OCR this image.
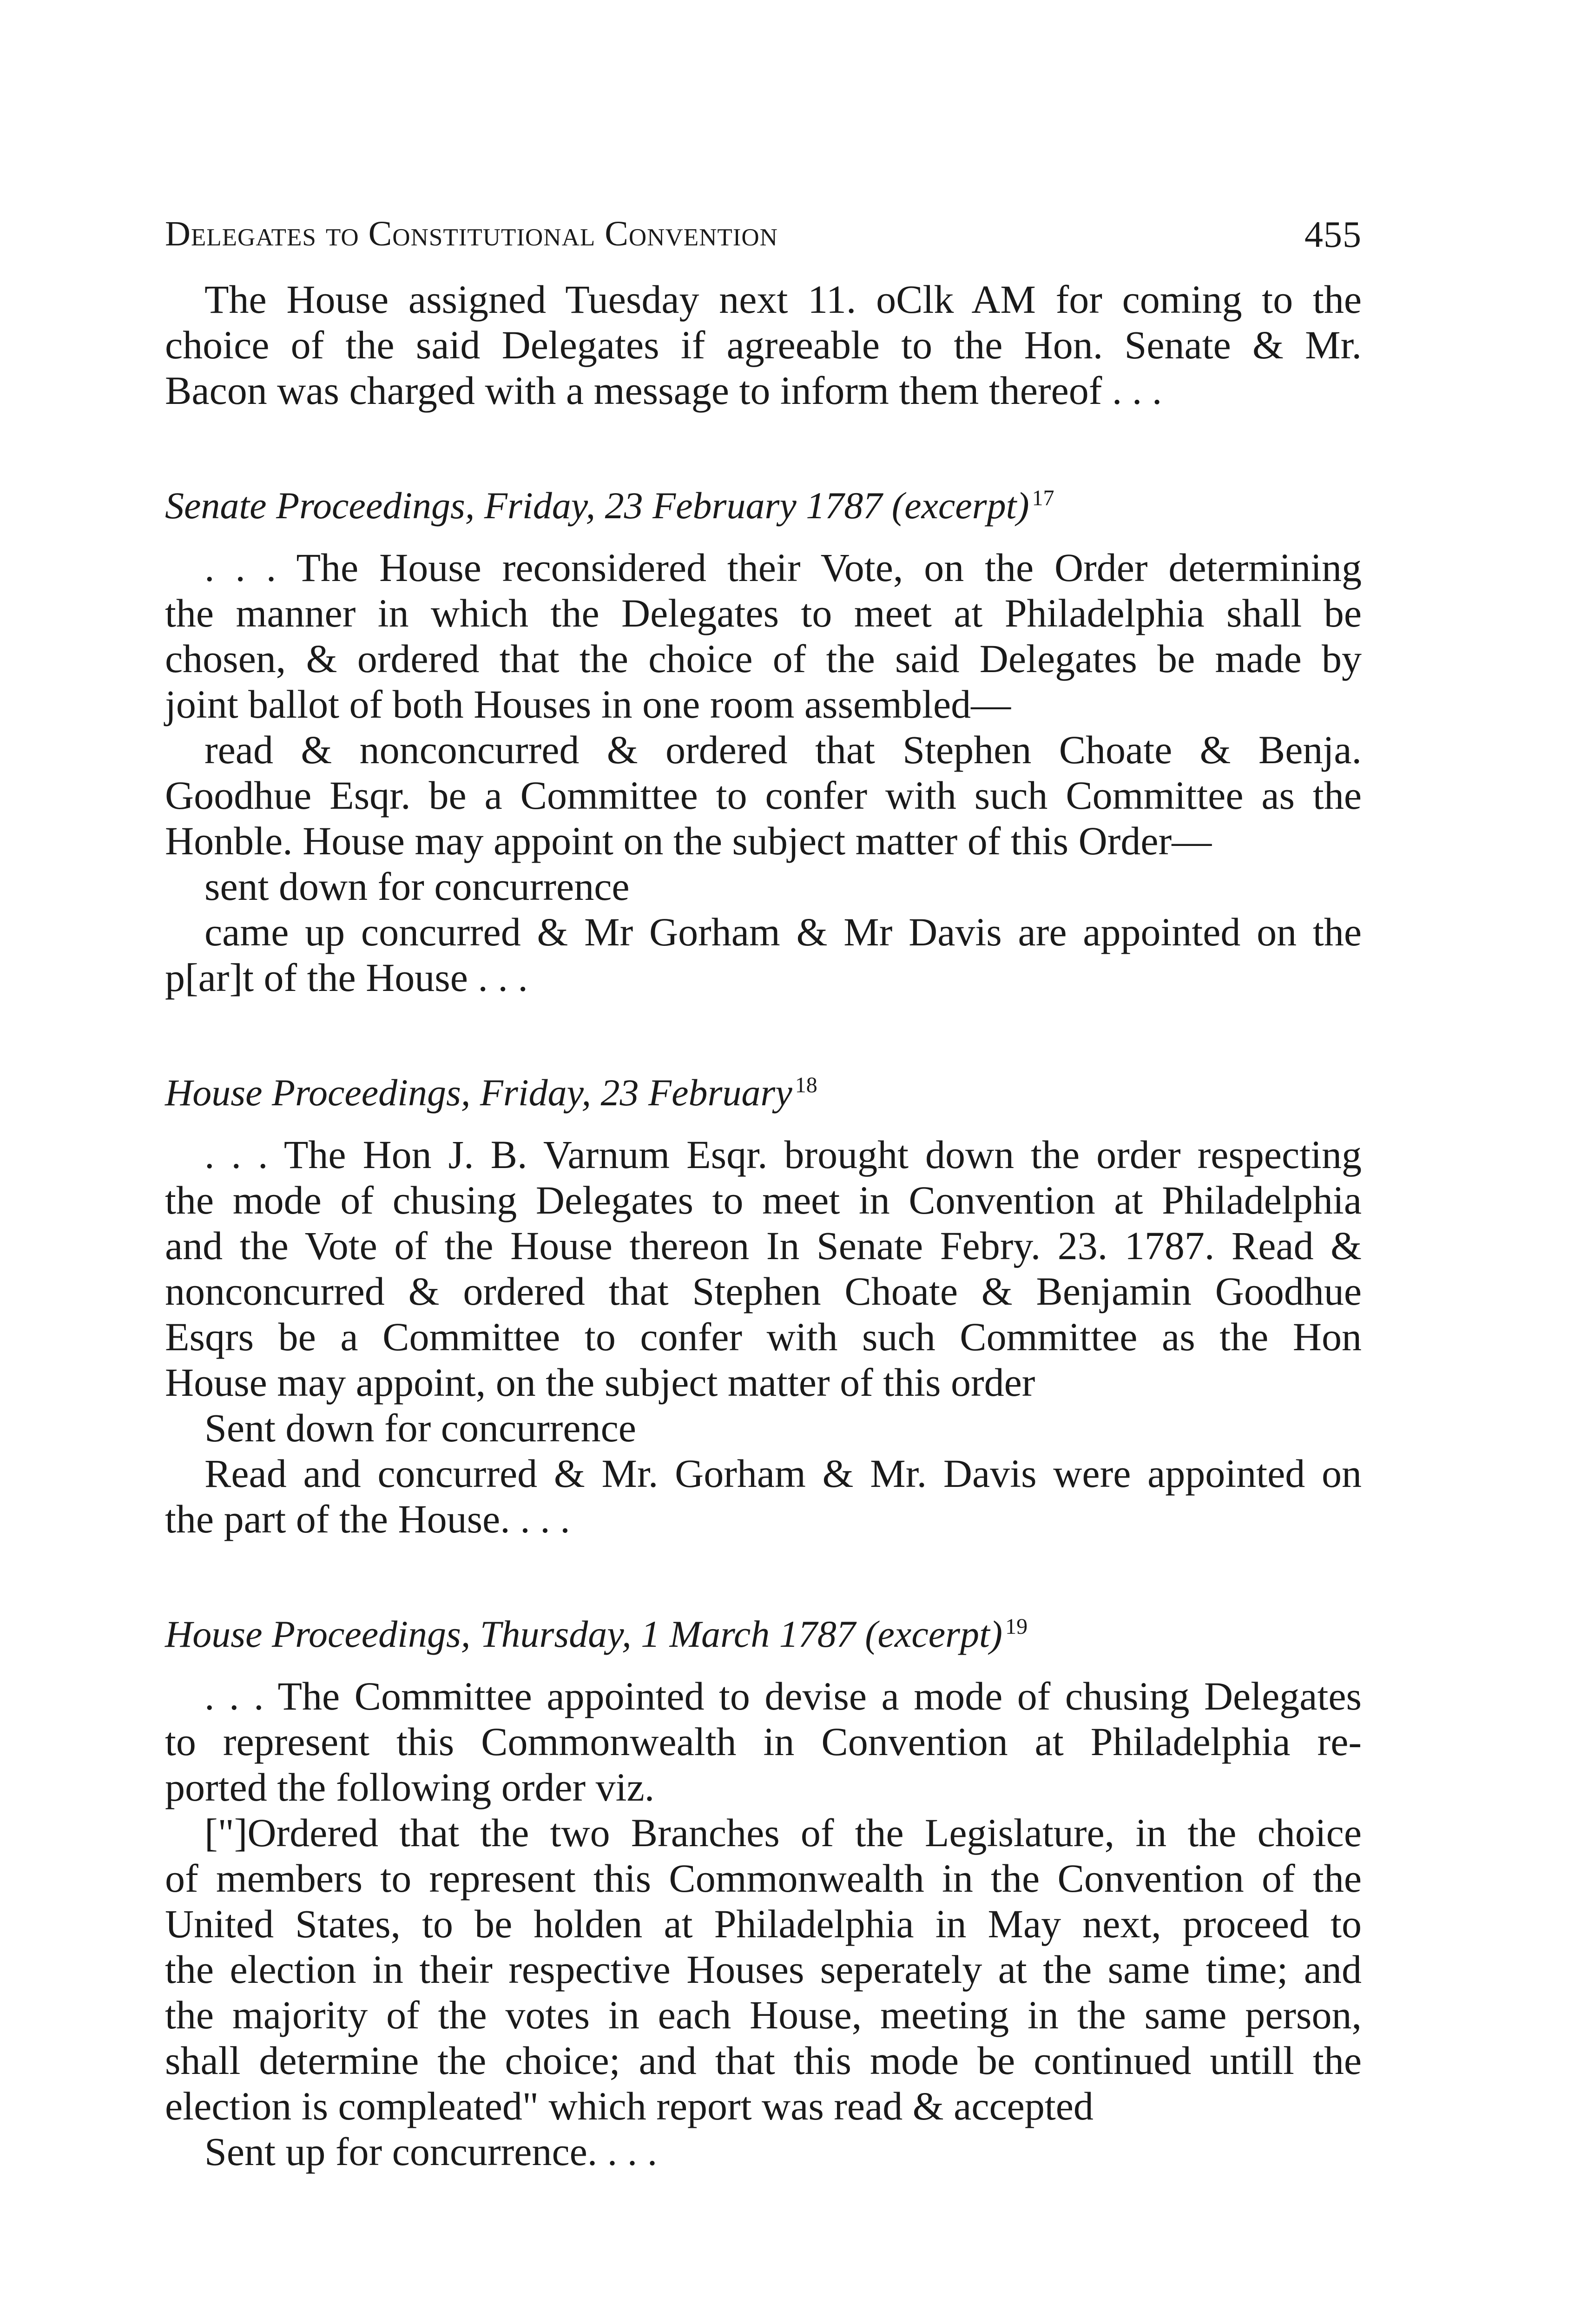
Delegates to Constitutional Convention	455
The House assigned Tuesday next 11. oClk AM for coming to the
choice of the said Delegates if agreeable to the Hon. Senate & Mr.
Bacon was charged with a message to inform them thereof . . .
Senate Proceedings, Friday, 23 February 1787 (excerpt) $^{17}$
. . . The House reconsidered their Vote, on the Order determining
the manner in which the Delegates to meet at Philadelphia shall be
chosen, & ordered that the choice of the said Delegates be made by
joint ballot of both Houses in one room assembled—
read & nonconcurred & ordered that Stephen Choate & Benja.
Goodhue Esqr. be a Committee to confer with such Committee as the
Honble. House may appoint on the subject matter of this Order—
sent down for concurrence
came up concurred & Mr Gorham & Mr Davis are appointed on the
p[ar]t of the House . . .
House Proceedings, Friday, 23 February $^{18}$
. . . The Hon J. B. Varnum Esqr. brought down the order respecting
the mode of chusing Delegates to meet in Convention at Philadelphia
and the Vote of the House thereon In Senate Febry. 23. 1787. Read &
nonconcurred & ordered that Stephen Choate & Benjamin Goodhue
Esqrs be a Committee to confer with such Committee as the Hon
House may appoint, on the subject matter of this order
Sent down for concurrence
Read and concurred & Mr. Gorham & Mr. Davis were appointed on
the part of the House. . . .
House Proceedings, Thursday, 1 March 1787 (excerpt) $^{19}$
. . . The Committee appointed to devise a mode of chusing Delegates
to represent this Commonwealth in Convention at Philadelphia re-
ported the following order viz.
["]Ordered that the two Branches of the Legislature, in the choice
of members to represent this Commonwealth in the Convention of the
United States, to be holden at Philadelphia in May next, proceed to
the election in their respective Houses seperately at the same time; and
the majority of the votes in each House, meeting in the same person,
shall determine the choice; and that this mode be continued untill the
election is compleated" which report was read & accepted
Sent up for concurrence. . . .
